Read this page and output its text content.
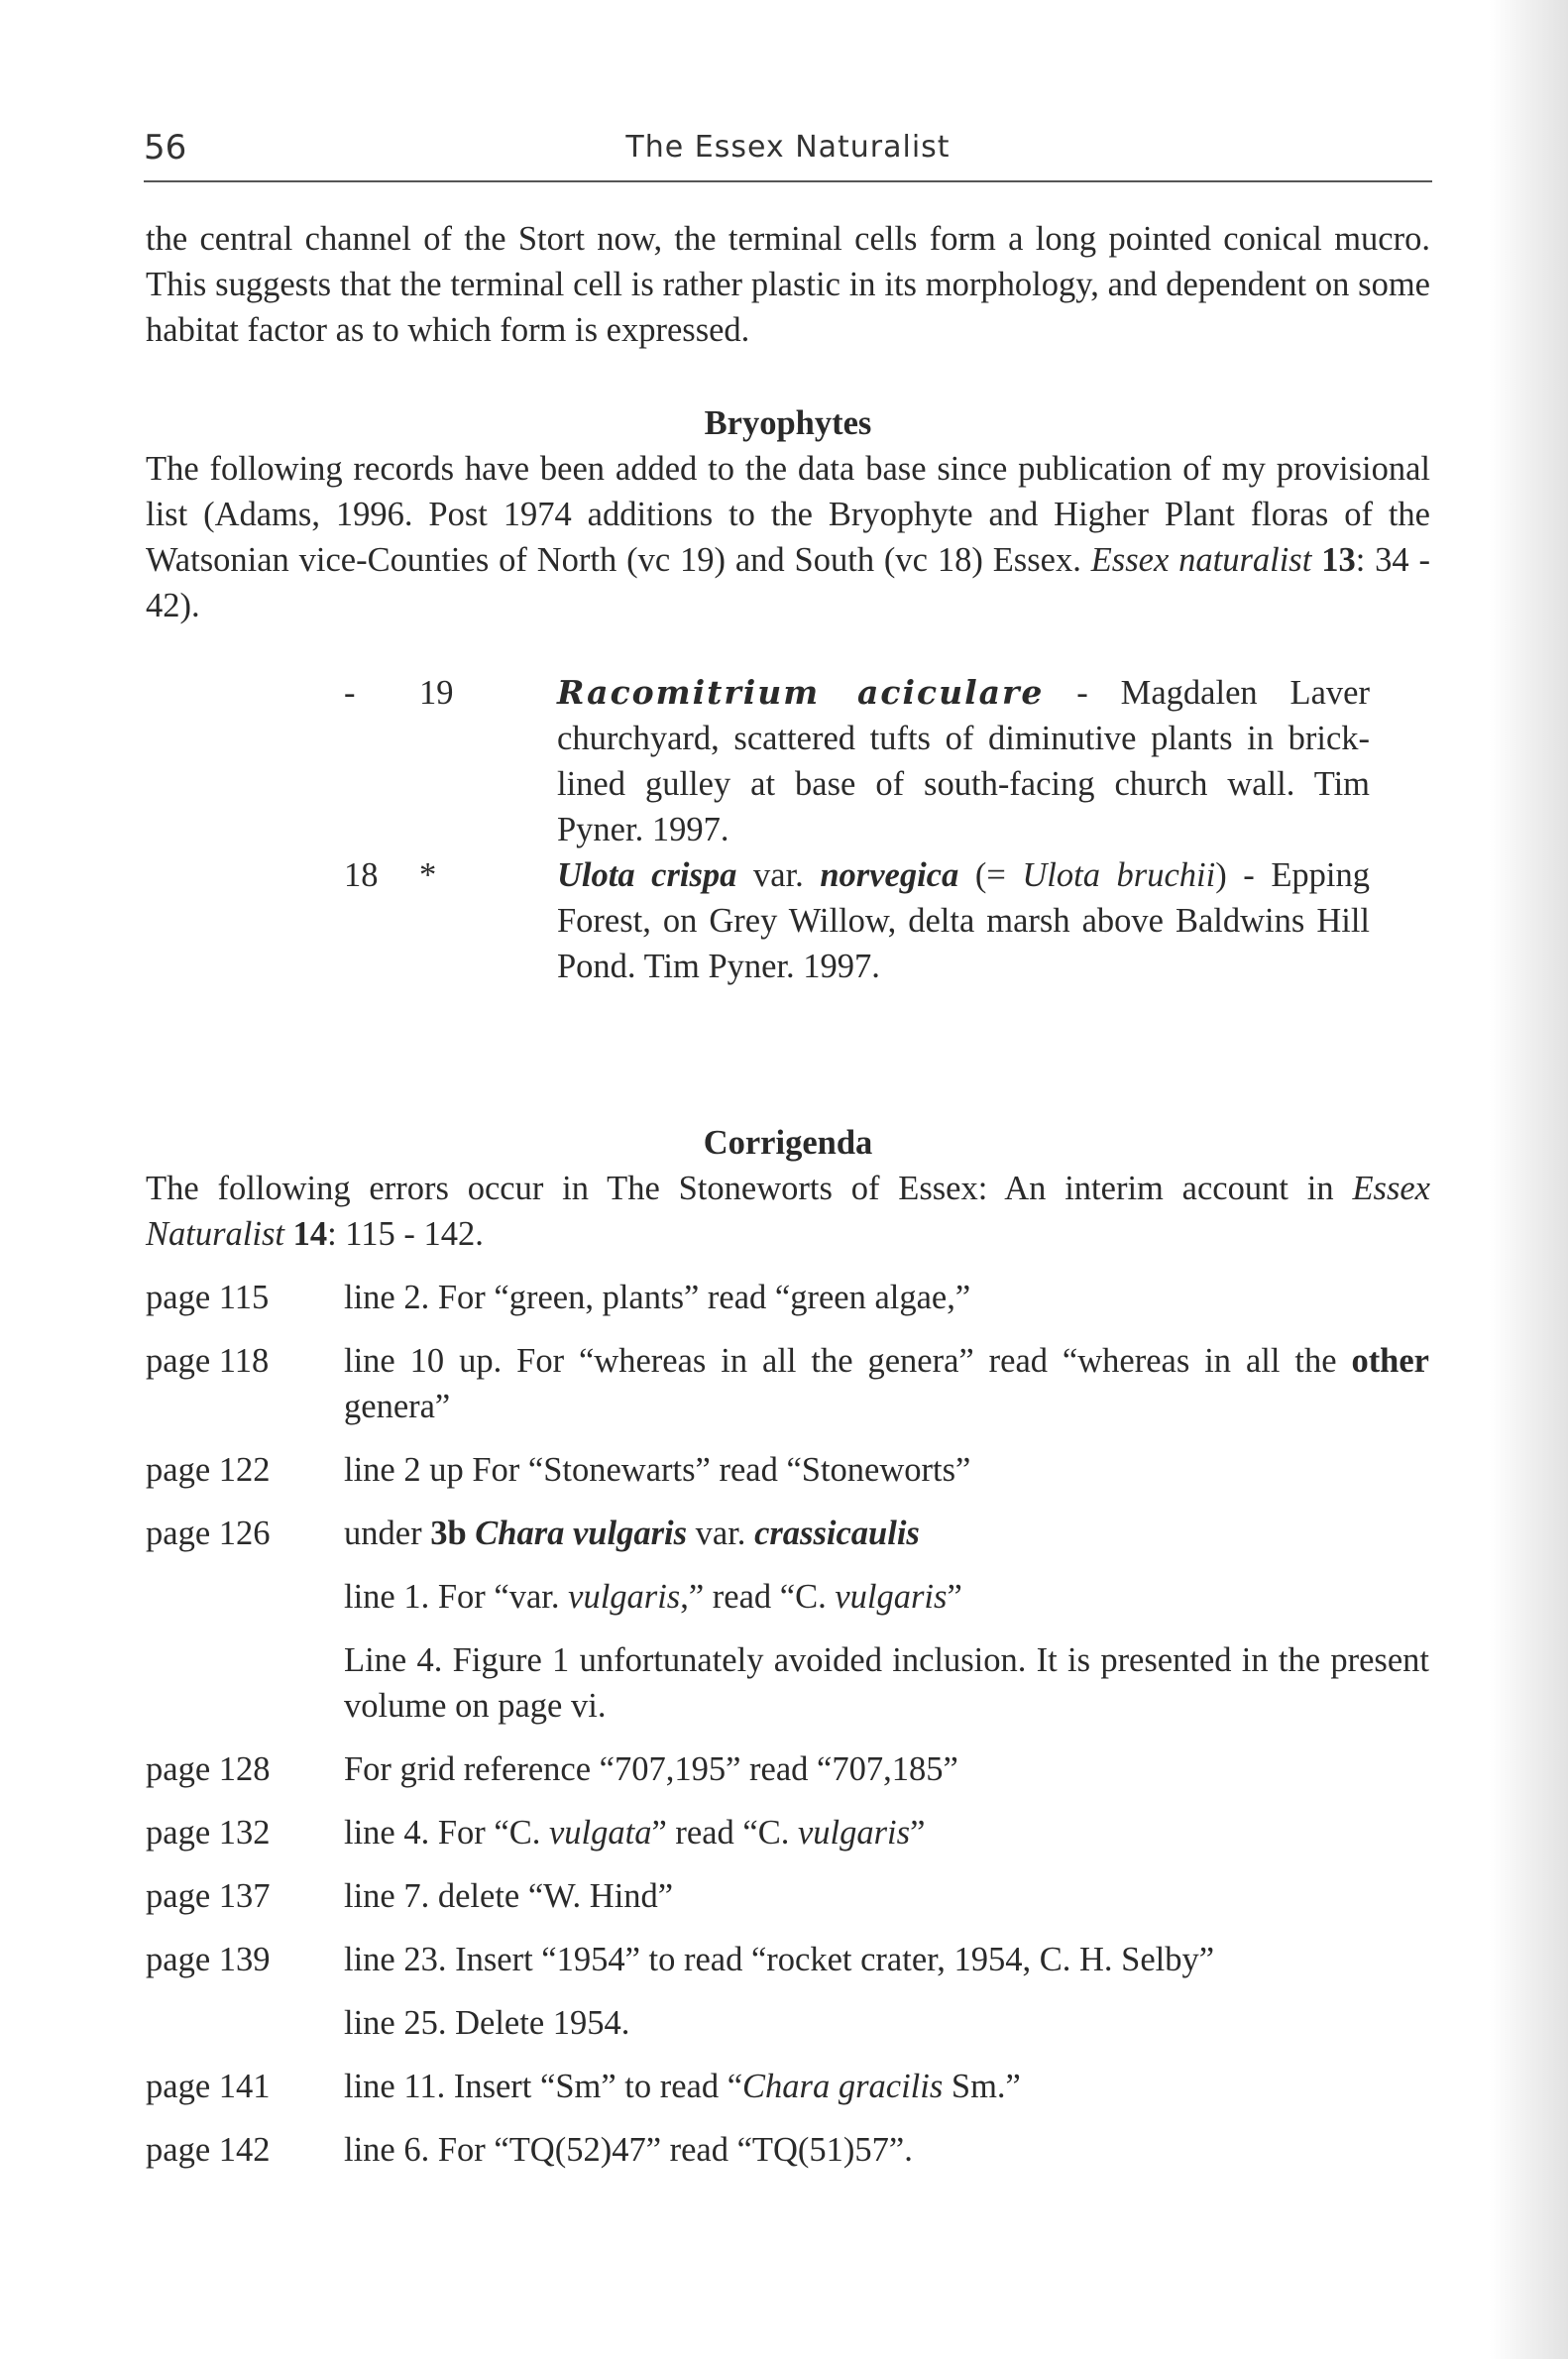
56	The Essex Naturalist

the central channel of the Stort now, the terminal cells form a long pointed conical mucro. This suggests that the terminal cell is rather plastic in its morphology, and dependent on some habitat factor as to which form is expressed.

Bryophytes

The following records have been added to the data base since publication of my provisional list (Adams, 1996. Post 1974 additions to the Bryophyte and Higher Plant floras of the Watsonian vice-Counties of North (vc 19) and South (vc 18) Essex. Essex naturalist 13: 34 - 42).

-	19	Racomitrium aciculare - Magdalen Laver churchyard, scattered tufts of diminutive plants in brick-lined gulley at base of south-facing church wall. Tim Pyner. 1997.
18	*	Ulota crispa var. norvegica (= Ulota bruchii) - Epping Forest, on Grey Willow, delta marsh above Baldwins Hill Pond. Tim Pyner. 1997.

Corrigenda

The following errors occur in The Stoneworts of Essex: An interim account in Essex Naturalist 14: 115 - 142.

page 115	line 2. For “green, plants” read “green algae,”
page 118	line 10 up. For “whereas in all the genera” read “whereas in all the other genera”
page 122	line 2 up For “Stonewarts” read “Stoneworts”
page 126	under 3b Chara vulgaris var. crassicaulis
line 1. For “var. vulgaris,” read “C. vulgaris”
Line 4. Figure 1 unfortunately avoided inclusion. It is presented in the present volume on page vi.
page 128	For grid reference “707,195” read “707,185”
page 132	line 4. For “C. vulgata” read “C. vulgaris”
page 137	line 7. delete “W. Hind”
page 139	line 23. Insert “1954” to read “rocket crater, 1954, C. H. Selby”
line 25. Delete 1954.
page 141	line 11. Insert “Sm” to read “Chara gracilis Sm.”
page 142	line 6. For “TQ(52)47” read “TQ(51)57”.
